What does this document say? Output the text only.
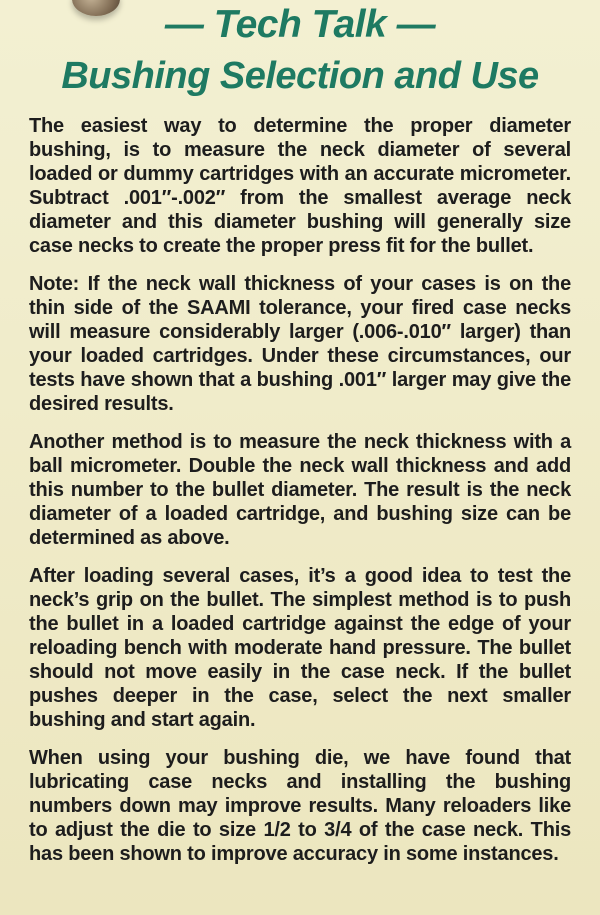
— Tech Talk —
Bushing Selection and Use

The easiest way to determine the proper diameter bushing, is to measure the neck diameter of several loaded or dummy cartridges with an accurate micrometer. Subtract .001″-.002″ from the smallest average neck diameter and this diameter bushing will generally size case necks to create the proper press fit for the bullet.

Note: If the neck wall thickness of your cases is on the thin side of the SAAMI tolerance, your fired case necks will measure considerably larger (.006-.010″ larger) than your loaded cartridges. Under these circumstances, our tests have shown that a bushing .001″ larger may give the desired results.

Another method is to measure the neck thickness with a ball micrometer. Double the neck wall thickness and add this number to the bullet diameter. The result is the neck diameter of a loaded cartridge, and bushing size can be determined as above.

After loading several cases, it’s a good idea to test the neck’s grip on the bullet. The simplest method is to push the bullet in a loaded cartridge against the edge of your reloading bench with moderate hand pressure. The bullet should not move easily in the case neck. If the bullet pushes deeper in the case, select the next smaller bushing and start again.

When using your bushing die, we have found that lubricating case necks and installing the bushing numbers down may improve results. Many reloaders like to adjust the die to size 1/2 to 3/4 of the case neck. This has been shown to improve accuracy in some instances.
